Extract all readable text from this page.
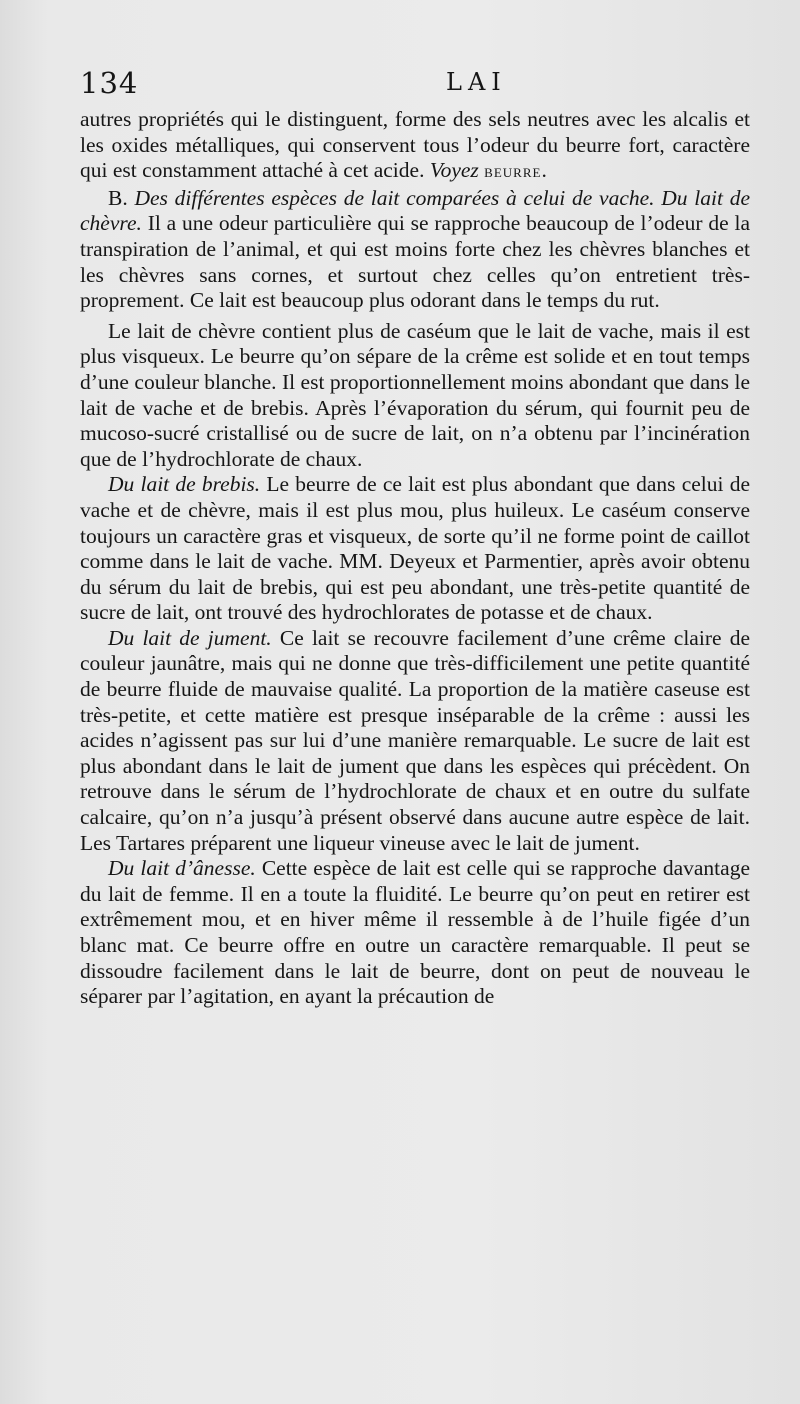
134	LAI

autres propriétés qui le distinguent, forme des sels neutres avec les alcalis et les oxides métalliques, qui conservent tous l’odeur du beurre fort, caractère qui est constamment attaché à cet acide. Voyez BEURRE.

B. Des différentes espèces de lait comparées à celui de vache. Du lait de chèvre. Il a une odeur particulière qui se rapproche beaucoup de l’odeur de la transpiration de l’animal, et qui est moins forte chez les chèvres blanches et les chèvres sans cornes, et surtout chez celles qu’on entretient très-proprement. Ce lait est beaucoup plus odorant dans le temps du rut.

Le lait de chèvre contient plus de caséum que le lait de vache, mais il est plus visqueux. Le beurre qu’on sépare de la crême est solide et en tout temps d’une couleur blanche. Il est proportionnellement moins abondant que dans le lait de vache et de brebis. Après l’évaporation du sérum, qui fournit peu de mucoso-sucré cristallisé ou de sucre de lait, on n’a obtenu par l’incinération que de l’hydrochlorate de chaux.

Du lait de brebis. Le beurre de ce lait est plus abondant que dans celui de vache et de chèvre, mais il est plus mou, plus huileux. Le caséum conserve toujours un caractère gras et visqueux, de sorte qu’il ne forme point de caillot comme dans le lait de vache. MM. Deyeux et Parmentier, après avoir obtenu du sérum du lait de brebis, qui est peu abondant, une très-petite quantité de sucre de lait, ont trouvé des hydrochlorates de potasse et de chaux.

Du lait de jument. Ce lait se recouvre facilement d’une crême claire de couleur jaunâtre, mais qui ne donne que très-difficilement une petite quantité de beurre fluide de mauvaise qualité. La proportion de la matière caseuse est très-petite, et cette matière est presque inséparable de la crême : aussi les acides n’agissent pas sur lui d’une manière remarquable. Le sucre de lait est plus abondant dans le lait de jument que dans les espèces qui précèdent. On retrouve dans le sérum de l’hydrochlorate de chaux et en outre du sulfate calcaire, qu’on n’a jusqu’à présent observé dans aucune autre espèce de lait. Les Tartares préparent une liqueur vineuse avec le lait de jument.

Du lait d’ânesse. Cette espèce de lait est celle qui se rapproche davantage du lait de femme. Il en a toute la fluidité. Le beurre qu’on peut en retirer est extrêmement mou, et en hiver même il ressemble à de l’huile figée d’un blanc mat. Ce beurre offre en outre un caractère remarquable. Il peut se dissoudre facilement dans le lait de beurre, dont on peut de nouveau le séparer par l’agitation, en ayant la précaution de
